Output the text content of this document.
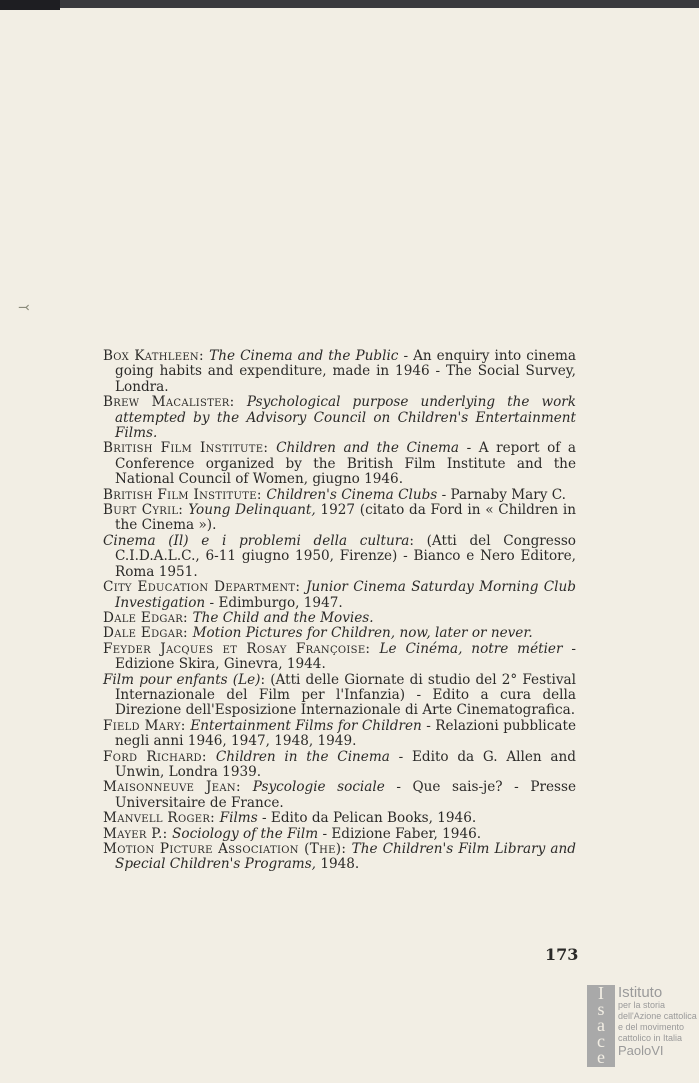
⤙

Box Kathleen: The Cinema and the Public - An enquiry into cinema going habits and expenditure, made in 1946 - The Social Survey, Londra.

Brew Macalister: Psychological purpose underlying the work attempted by the Advisory Council on Children's Entertainment Films.

British Film Institute: Children and the Cinema - A report of a Conference organized by the British Film Institute and the National Council of Women, giugno 1946.

British Film Institute: Children's Cinema Clubs - Parnaby Mary C.

Burt Cyril: Young Delinquant, 1927 (citato da Ford in « Children in the Cinema »).

Cinema (Il) e i problemi della cultura: (Atti del Congresso C.I.D.A.L.C., 6-11 giugno 1950, Firenze) - Bianco e Nero Editore, Roma 1951.

City Education Department: Junior Cinema Saturday Morning Club Investigation - Edimburgo, 1947.

Dale Edgar: The Child and the Movies.

Dale Edgar: Motion Pictures for Children, now, later or never.

Feyder Jacques et Rosay Françoise: Le Cinéma, notre métier - Edizione Skira, Ginevra, 1944.

Film pour enfants (Le): (Atti delle Giornate di studio del 2° Festival Internazionale del Film per l'Infanzia) - Edito a cura della Direzione dell'Esposizione Internazionale di Arte Cinematografica.

Field Mary: Entertainment Films for Children - Relazioni pubblicate negli anni 1946, 1947, 1948, 1949.

Ford Richard: Children in the Cinema - Edito da G. Allen and Unwin, Londra 1939.

Maisonneuve Jean: Psycologie sociale - Que sais-je? - Presse Universitaire de France.

Manvell Roger: Films - Edito da Pelican Books, 1946.

Mayer P.: Sociology of the Film - Edizione Faber, 1946.

Motion Picture Association (The): The Children's Film Library and Special Children's Programs, 1948.

173
I
s
a
c
e
m
Istituto
per la storia
dell'Azione cattolica
e del movimento
cattolico in Italia
PaoloVI
